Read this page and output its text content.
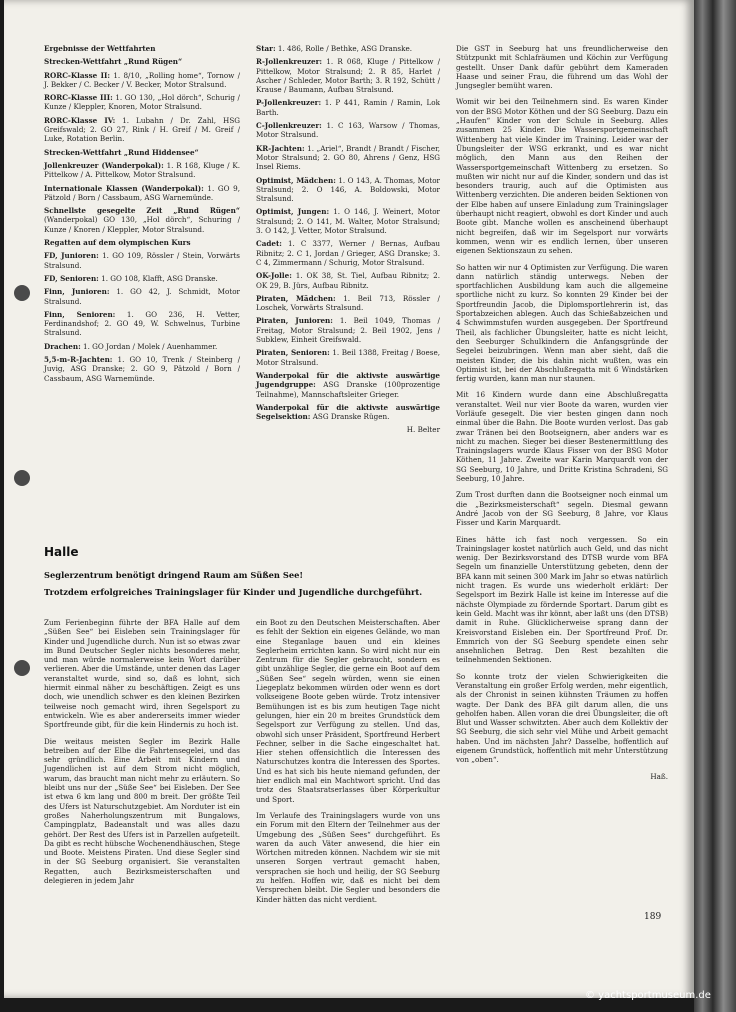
Ergebnisse der Wettfahrten
Strecken-Wettfahrt „Rund Rügen“
RORC-Klasse II: 1. 8/10, „Rolling home“, Tornow / J. Bekker / C. Becker / V. Becker, Motor Stralsund.
RORC-Klasse III: 1. GO 130, „Hol dörch“, Schurig / Kunze / Kleppler, Knoren, Motor Stralsund.
RORC-Klasse IV: 1. Lubahn / Dr. Zahl, HSG Greifswald; 2. GO 27, Rink / H. Greif / M. Greif / Luke, Rotation Berlin.
Strecken-Wettfahrt „Rund Hiddensee“
Jollenkreuzer (Wanderpokal): 1. R 168, Kluge / K. Pittelkow / A. Pittelkow, Motor Stralsund.
Internationale Klassen (Wanderpokal): 1. GO 9, Pätzold / Born / Cassbaum, ASG Warnemünde.
Schnellste gesegelte Zeit „Rund Rügen“ (Wanderpokal) GO 130, „Hol dörch“, Schuring / Kunze / Knoren / Kleppler, Motor Stralsund.
Regatten auf dem olympischen Kurs
FD, Junioren: 1. GO 109, Rössler / Stein, Vorwärts Stralsund.
FD, Senioren: 1. GO 108, Klafft, ASG Dranske.
Finn, Junioren: 1. GO 42, J. Schmidt, Motor Stralsund.
Finn, Senioren: 1. GO 236, H. Vetter, Ferdinandshof; 2. GO 49, W. Schwelnus, Turbine Stralsund.
Drachen: 1. GO Jordan / Molek / Auenhammer.
5,5-m-R-Jachten: 1. GO 10, Trenk / Steinberg / Juvig, ASG Dranske; 2. GO 9, Pätzold / Born / Cassbaum, ASG Warnemünde.
Star: 1. 486, Rolle / Bethke, ASG Dranske.
R-Jollenkreuzer: 1. R 068, Kluge / Pittelkow / Pittelkow, Motor Stralsund; 2. R 85, Harlet / Ascher / Schleder, Motor Barth; 3. R 192, Schütt / Krause / Baumann, Aufbau Stralsund.
P-Jollenkreuzer: 1. P 441, Ramin / Ramin, Lok Barth.
C-Jollenkreuzer: 1. C 163, Warsow / Thomas, Motor Stralsund.
KR-Jachten: 1. „Ariel“, Brandt / Brandt / Fischer, Motor Stralsund; 2. GO 80, Ahrens / Genz, HSG Insel Riems.
Optimist, Mädchen: 1. O 143, A. Thomas, Motor Stralsund; 2. O 146, A. Boldowski, Motor Stralsund.
Optimist, Jungen: 1. O 146, J. Weinert, Motor Stralsund; 2. O 141, M. Walter, Motor Stralsund; 3. O 142, J. Vetter, Motor Stralsund.
Cadet: 1. C 3377, Werner / Bernas, Aufbau Ribnitz; 2. C 1, Jordan / Grieger, ASG Dranske; 3. C 4, Zimmermann / Schurig, Motor Stralsund.
OK-Jolle: 1. OK 38, St. Tiel, Aufbau Ribnitz; 2. OK 29, B. Jürs, Aufbau Ribnitz.
Piraten, Mädchen: 1. Beil 713, Rössler / Loschek, Vorwärts Stralsund.
Piraten, Junioren: 1. Beil 1049, Thomas / Freitag, Motor Stralsund; 2. Beil 1902, Jens / Subklew, Einheit Greifswald.
Piraten, Senioren: 1. Beil 1388, Freitag / Boese, Motor Stralsund.
Wanderpokal für die aktivste auswärtige Jugendgruppe: ASG Dranske (100prozentige Teilnahme), Mannschaftsleiter Grieger.
Wanderpokal für die aktivste auswärtige Segelsektion: ASG Dranske Rügen.
H. Belter

Die GST in Seeburg hat uns freundlicherweise den Stützpunkt mit Schlafräumen und Köchin zur Verfügung gestellt. Unser Dank dafür gebührt dem Kameraden Haase und seiner Frau, die führend um das Wohl der Jungsegler bemüht waren.

Womit wir bei den Teilnehmern sind. Es waren Kinder von der BSG Motor Köthen und der SG Seeburg. Dazu ein „Haufen“ Kinder von der Schule in Seeburg. Alles zusammen 25 Kinder. Die Wassersportgemeinschaft Wittenberg hat viele Kinder im Training. Leider war der Übungsleiter der WSG erkrankt, und es war nicht möglich, den Mann aus den Reihen der Wassersportgemeinschaft Wittenberg zu ersetzen. So mußten wir nicht nur auf die Kinder, sondern und das ist besonders traurig, auch auf die Optimisten aus Wittenberg verzichten. Die anderen beiden Sektionen von der Elbe haben auf unsere Einladung zum Trainingslager überhaupt nicht reagiert, obwohl es dort Kinder und auch Boote gibt. Manche wollen es anscheinend überhaupt nicht begreifen, daß wir im Segelsport nur vorwärts kommen, wenn wir es endlich lernen, über unseren eigenen Sektionszaun zu sehen.

So hatten wir nur 4 Optimisten zur Verfügung. Die waren dann natürlich ständig unterwegs. Neben der sportfachlichen Ausbildung kam auch die allgemeine sportliche nicht zu kurz. So konnten 29 Kinder bei der Sportfreundin Jacob, die Diplomsportlehrerin ist, das Sportabzeichen ablegen. Auch das Schießabzeichen und 4 Schwimmstufen wurden ausgegeben. Der Sportfreund Theil, als fachlicher Übungsleiter, hatte es nicht leicht, den Seeburger Schulkindern die Anfangsgründe der Segelei beizubringen. Wenn man aber sieht, daß die meisten Kinder, die bis dahin nicht wußten, was ein Optimist ist, bei der Abschlußregatta mit 6 Windstärken fertig wurden, kann man nur staunen.

Mit 16 Kindern wurde dann eine Abschlußregatta veranstaltet. Weil nur vier Boote da waren, wurden vier Vorläufe gesegelt. Die vier besten gingen dann noch einmal über die Bahn. Die Boote wurden verlost. Das gab zwar Tränen bei den Bootseignern, aber anders war es nicht zu machen. Sieger bei dieser Bestenermittlung des Trainingslagers wurde Klaus Fisser von der BSG Motor Köthen, 11 Jahre. Zweite war Karin Marquardt von der SG Seeburg, 10 Jahre, und Dritte Kristina Schradeni, SG Seeburg, 10 Jahre.

Zum Trost durften dann die Bootseigner noch einmal um die „Bezirksmeisterschaft“ segeln. Diesmal gewann André Jacob von der SG Seeburg, 8 Jahre, vor Klaus Fisser und Karin Marquardt.

Eines hätte ich fast noch vergessen. So ein Trainingslager kostet natürlich auch Geld, und das nicht wenig. Der Bezirksvorstand des DTSB wurde vom BFA Segeln um finanzielle Unterstützung gebeten, denn der BFA kann mit seinen 300 Mark im Jahr so etwas natürlich nicht tragen. Es wurde uns wiederholt erklärt: Der Segelsport im Bezirk Halle ist keine im Interesse auf die nächste Olympiade zu fördernde Sportart. Darum gibt es kein Geld. Macht was ihr könnt, aber laßt uns (den DTSB) damit in Ruhe. Glücklicherweise sprang dann der Kreisvorstand Eisleben ein. Der Sportfreund Prof. Dr. Emmrich von der SG Seeburg spendete einen sehr ansehnlichen Betrag. Den Rest bezahlten die teilnehmenden Sektionen.

So konnte trotz der vielen Schwierigkeiten die Veranstaltung ein großer Erfolg werden, mehr eigentlich, als der Chronist in seinen kühnsten Träumen zu hoffen wagte. Der Dank des BFA gilt darum allen, die uns geholfen haben. Allen voran die drei Übungsleiter, die oft Blut und Wasser schwitzten. Aber auch dem Kollektiv der SG Seeburg, die sich sehr viel Mühe und Arbeit gemacht haben. Und im nächsten Jahr? Dasselbe, hoffentlich auf eigenem Grundstück, hoffentlich mit mehr Unterstützung von „oben“.

Haß.
Halle
Seglerzentrum benötigt dringend Raum am Süßen See!
Trotzdem erfolgreiches Trainingslager für Kinder und Jugendliche durchgeführt.

Zum Ferienbeginn führte der BFA Halle auf dem „Süßen See“ bei Eisleben sein Trainingslager für Kinder und Jugendliche durch. Nun ist so etwas zwar im Bund Deutscher Segler nichts besonderes mehr, und man würde normalerweise kein Wort darüber verlieren. Aber die Umstände, unter denen das Lager veranstaltet wurde, sind so, daß es lohnt, sich hiermit einmal näher zu beschäftigen. Zeigt es uns doch, wie unendlich schwer es den kleinen Bezirken teilweise noch gemacht wird, ihren Segelsport zu entwickeln. Wie es aber andererseits immer wieder Sportfreunde gibt, für die kein Hindernis zu hoch ist.

Die weitaus meisten Segler im Bezirk Halle betreiben auf der Elbe die Fahrtensegelei, und das sehr gründlich. Eine Arbeit mit Kindern und Jugendlichen ist auf dem Strom nicht möglich, warum, das braucht man nicht mehr zu erläutern. So bleibt uns nur der „Süße See“ bei Eisleben. Der See ist etwa 6 km lang und 800 m breit. Der größte Teil des Ufers ist Naturschutzgebiet. Am Norduter ist ein großes Naherholungszentrum mit Bungalows, Campingplatz, Badeanstalt und was alles dazu gehört. Der Rest des Ufers ist in Parzellen aufgeteilt. Da gibt es recht hübsche Wochenendhäuschen, Stege und Boote. Meistens Piraten. Und diese Segler sind in der SG Seeburg organisiert. Sie veranstalten Regatten, auch Bezirksmeisterschaften und delegieren in jedem Jahr

ein Boot zu den Deutschen Meisterschaften. Aber es fehlt der Sektion ein eigenes Gelände, wo man eine Steganlage bauen und ein kleines Seglerheim errichten kann. So wird nicht nur ein Zentrum für die Segler gebraucht, sondern es gibt unzählige Segler, die gerne ein Boot auf dem „Süßen See“ segeln würden, wenn sie einen Liegeplatz bekommen würden oder wenn es dort volkseigene Boote geben würde. Trotz intensiver Bemühungen ist es bis zum heutigen Tage nicht gelungen, hier ein 20 m breites Grundstück dem Segelsport zur Verfügung zu stellen. Und das, obwohl sich unser Präsident, Sportfreund Herbert Fechner, selber in die Sache eingeschaltet hat. Hier stehen offensichtlich die Interessen des Naturschutzes kontra die Interessen des Sportes. Und es hat sich bis heute niemand gefunden, der hier endlich mal ein Machtwort spricht. Und das trotz des Staatsratserlasses über Körperkultur und Sport.

Im Verlaufe des Trainingslagers wurde von uns ein Forum mit den Eltern der Teilnehmer aus der Umgebung des „Süßen Sees“ durchgeführt. Es waren da auch Väter anwesend, die hier ein Wörtchen mitreden können. Nachdem wir sie mit unseren Sorgen vertraut gemacht haben, versprachen sie hoch und heilig, der SG Seeburg zu helfen. Hoffen wir, daß es nicht bei dem Versprechen bleibt. Die Segler und besonders die Kinder hätten das nicht verdient.

189
© yachtsportmuseum.de
